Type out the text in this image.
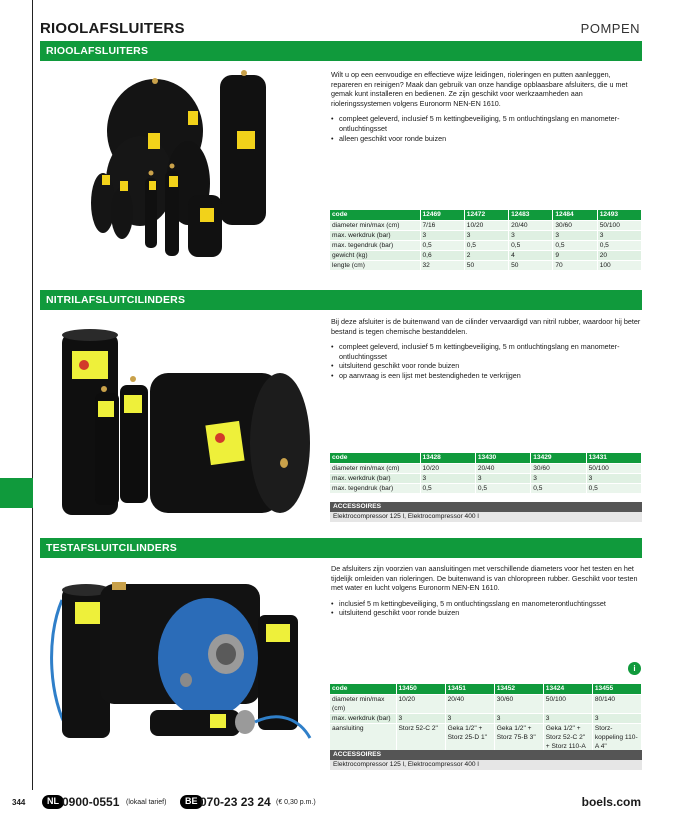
RIOOLAFSLUITERS	POMPEN
RIOOLAFSLUITERS

Wilt u op een eenvoudige en effectieve wijze leidingen, rioleringen en putten aanleggen, repareren en reinigen? Maak dan gebruik van onze handige opblaasbare afsluiters, die u met gemak kunt installeren en bedienen. Ze zijn geschikt voor werkzaamheden aan rioleringssystemen volgens Euronorm NEN-EN 1610.

• compleet geleverd, inclusief 5 m kettingbeveiliging, 5 m ontluchtingslang en manometer-ontluchtingsset
• alleen geschikt voor ronde buizen
code	12469	12472	12483	12484	12493
diameter min/max (cm)	7/16	10/20	20/40	30/60	50/100
max. werkdruk (bar)	3	3	3	3	3
max. tegendruk (bar)	0,5	0,5	0,5	0,5	0,5
gewicht (kg)	0,6	2	4	9	20
lengte (cm)	32	50	50	70	100
NITRILAFSLUITCILINDERS

Bij deze afsluiter is de buitenwand van de cilinder vervaardigd van nitril rubber, waardoor hij beter bestand is tegen chemische bestanddelen.

• compleet geleverd, inclusief 5 m kettingbeveiliging, 5 m ontluchtingslang en manometer-ontluchtingsset
• uitsluitend geschikt voor ronde buizen
• op aanvraag is een lijst met bestendigheden te verkrijgen
code	13428	13430	13429	13431
diameter min/max (cm)	10/20	20/40	30/60	50/100
max. werkdruk (bar)	3	3	3	3
max. tegendruk (bar)	0,5	0,5	0,5	0,5
ACCESSOIRES
Elektrocompressor 125 l, Elektrocompressor 400 l
TESTAFSLUITCILINDERS

De afsluiters zijn voorzien van aansluitingen met verschillende diameters voor het testen en het tijdelijk omleiden van rioleringen. De buitenwand is van chloropreen rubber. Geschikt voor testen met water en lucht volgens Euronorm NEN-EN 1610.

• inclusief 5 m kettingbeveiliging, 5 m ontluchtingsslang en manometerontluchtingsset
• uitsluitend geschikt voor ronde buizen
i
code	13450	13451	13452	13424	13455
diameter min/max (cm)	10/20	20/40	30/60	50/100	80/140
max. werkdruk (bar)	3	3	3	3	3
aansluiting	Storz 52-C 2"	Geka 1/2" + Storz 25-D 1"	Geka 1/2" + Storz 75-B 3"	Geka 1/2" + Storz 52-C 2" + Storz 110-A	Storz-koppeling 110-A 4"
ACCESSOIRES
Elektrocompressor 125 l, Elektrocompressor 400 l
344	NL 0900-0551 (lokaal tarief)	BE 070-23 23 24 (€ 0,30 p.m.)	boels.com
